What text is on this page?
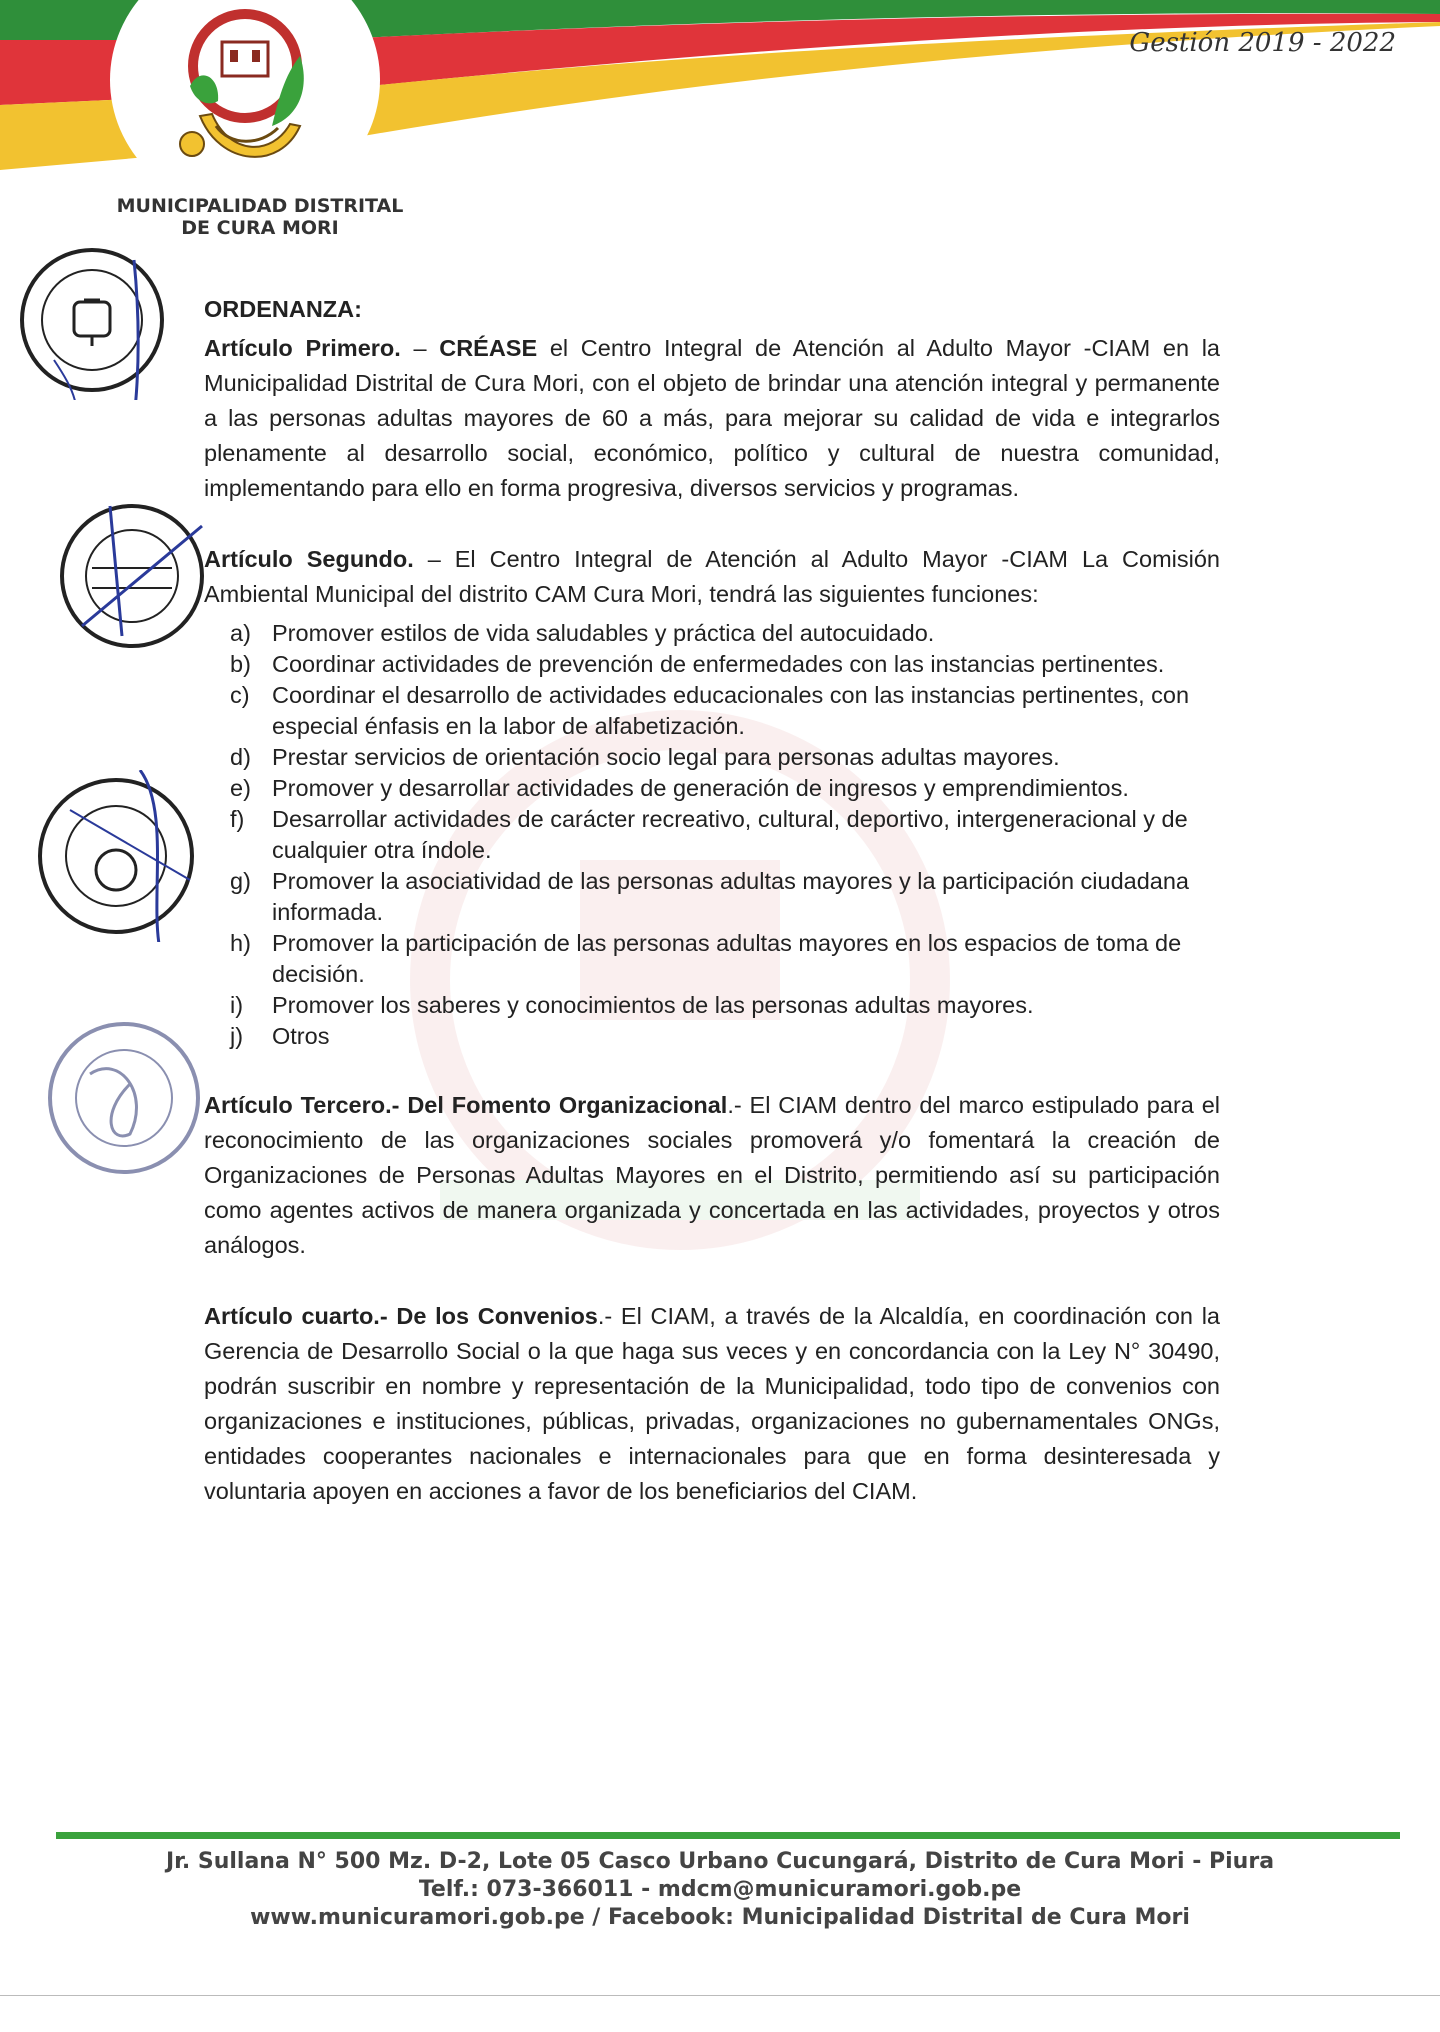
Gestión 2019 - 2022
MUNICIPALIDAD DISTRITAL
DE CURA MORI
ORDENANZA:

Artículo Primero. – CRÉASE el Centro Integral de Atención al Adulto Mayor -CIAM en la Municipalidad Distrital de Cura Mori, con el objeto de brindar una atención integral y permanente a las personas adultas mayores de 60 a más, para mejorar su calidad de vida e integrarlos plenamente al desarrollo social, económico, político y cultural de nuestra comunidad, implementando para ello en forma progresiva, diversos servicios y programas.

Artículo Segundo. – El Centro Integral de Atención al Adulto Mayor -CIAM La Comisión Ambiental Municipal del distrito CAM Cura Mori, tendrá las siguientes funciones:

a) Promover estilos de vida saludables y práctica del autocuidado.
b) Coordinar actividades de prevención de enfermedades con las instancias pertinentes.
c) Coordinar el desarrollo de actividades educacionales con las instancias pertinentes, con especial énfasis en la labor de alfabetización.
d) Prestar servicios de orientación socio legal para personas adultas mayores.
e) Promover y desarrollar actividades de generación de ingresos y emprendimientos.
f) Desarrollar actividades de carácter recreativo, cultural, deportivo, intergeneracional y de cualquier otra índole.
g) Promover la asociatividad de las personas adultas mayores y la participación ciudadana informada.
h) Promover la participación de las personas adultas mayores en los espacios de toma de decisión.
i) Promover los saberes y conocimientos de las personas adultas mayores.
j) Otros

Artículo Tercero.- Del Fomento Organizacional.- El CIAM dentro del marco estipulado para el reconocimiento de las organizaciones sociales promoverá y/o fomentará la creación de Organizaciones de Personas Adultas Mayores en el Distrito, permitiendo así su participación como agentes activos de manera organizada y concertada en las actividades, proyectos y otros análogos.

Artículo cuarto.- De los Convenios.- El CIAM, a través de la Alcaldía, en coordinación con la Gerencia de Desarrollo Social o la que haga sus veces y en concordancia con la Ley N° 30490, podrán suscribir en nombre y representación de la Municipalidad, todo tipo de convenios con organizaciones e instituciones, públicas, privadas, organizaciones no gubernamentales ONGs, entidades cooperantes nacionales e internacionales para que en forma desinteresada y voluntaria apoyen en acciones a favor de los beneficiarios del CIAM.

Jr. Sullana N° 500 Mz. D-2, Lote 05 Casco Urbano Cucungará, Distrito de Cura Mori - Piura
Telf.: 073-366011 - mdcm@municuramori.gob.pe
www.municuramori.gob.pe / Facebook: Municipalidad Distrital de Cura Mori
